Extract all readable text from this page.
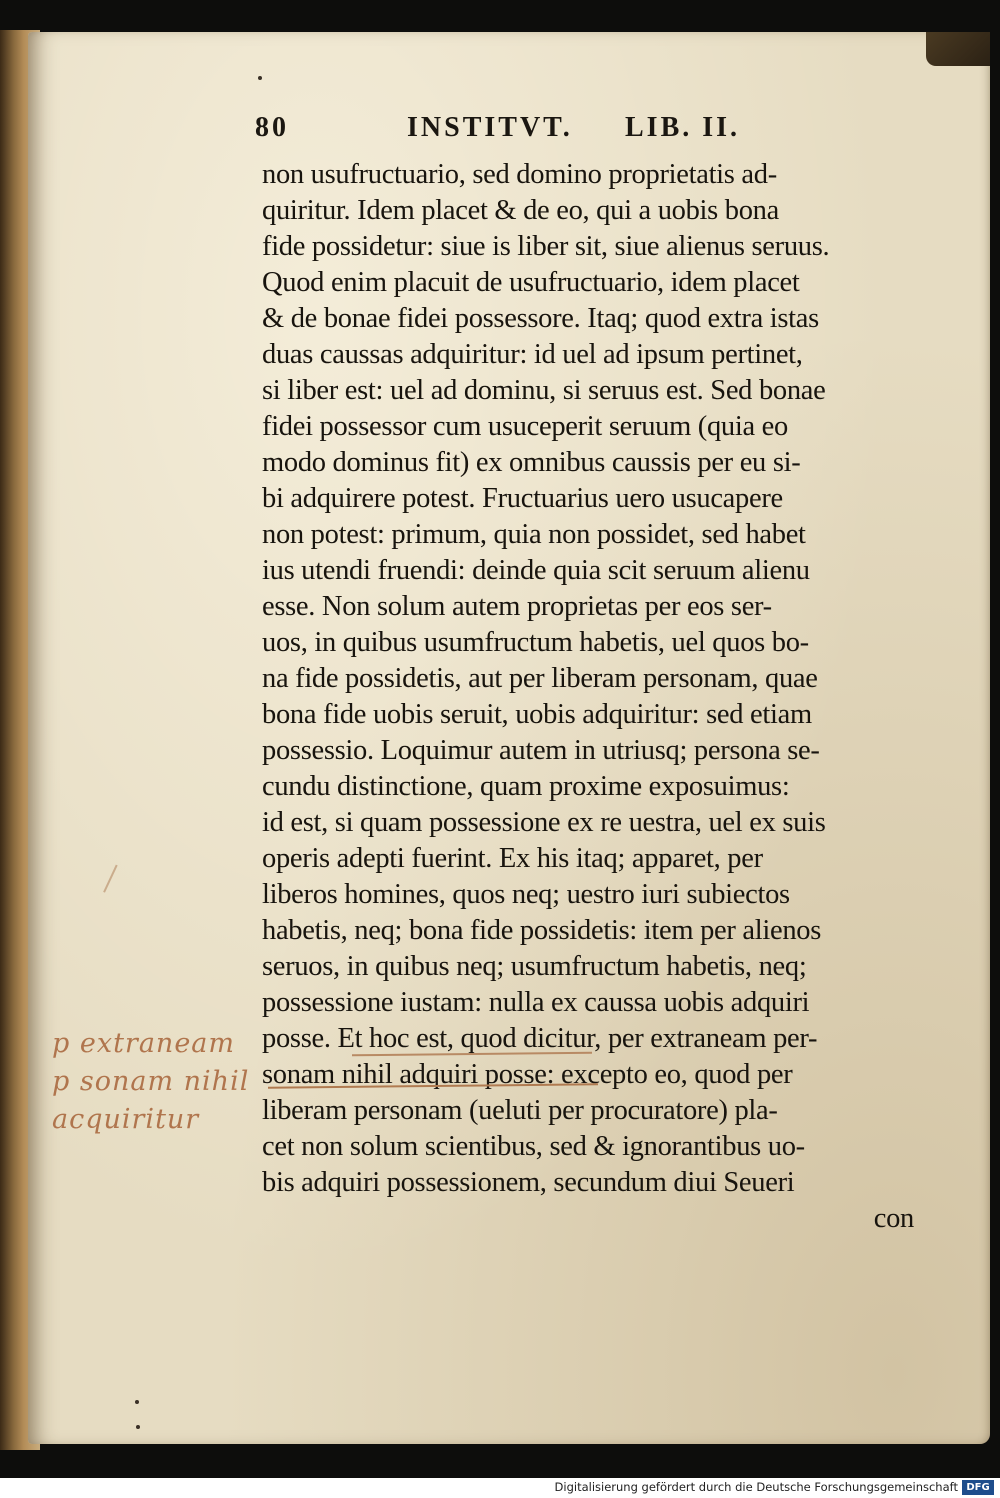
80	INSTITVT. LIB. II.
non usufructuario, sed domino proprietatis ad-
quiritur. Idem placet & de eo, qui a uobis bona
fide possidetur: siue is liber sit, siue alienus seruus.
Quod enim placuit de usufructuario, idem placet
& de bonae fidei possessore. Itaq; quod extra istas
duas caussas adquiritur: id uel ad ipsum pertinet,
si liber est: uel ad dominu, si seruus est. Sed bonae
fidei possessor cum usuceperit seruum (quia eo
modo dominus fit) ex omnibus caussis per eu si-
bi adquirere potest. Fructuarius uero usucapere
non potest: primum, quia non possidet, sed habet
ius utendi fruendi: deinde quia scit seruum alienu
esse. Non solum autem proprietas per eos ser-
uos, in quibus usumfructum habetis, uel quos bo-
na fide possidetis, aut per liberam personam, quae
bona fide uobis seruit, uobis adquiritur: sed etiam
possessio. Loquimur autem in utriusq; persona se-
cundu distinctione, quam proxime exposuimus:
id est, si quam possessione ex re uestra, uel ex suis
operis adepti fuerint. Ex his itaq; apparet, per
liberos homines, quos neq; uestro iuri subiectos
habetis, neq; bona fide possidetis: item per alienos
seruos, in quibus neq; usumfructum habetis, neq;
possessione iustam: nulla ex caussa uobis adquiri
posse. Et hoc est, quod dicitur, per extraneam per-
sonam nihil adquiri posse: excepto eo, quod per
liberam personam (ueluti per procuratore) pla-
cet non solum scientibus, sed & ignorantibus uo-
bis adquiri possessionem, secundum diui Seueri
con
p extraneam
p sonam nihil
acquiritur
Digitalisierung gefördert durch die Deutsche Forschungsgemeinschaft DFG
